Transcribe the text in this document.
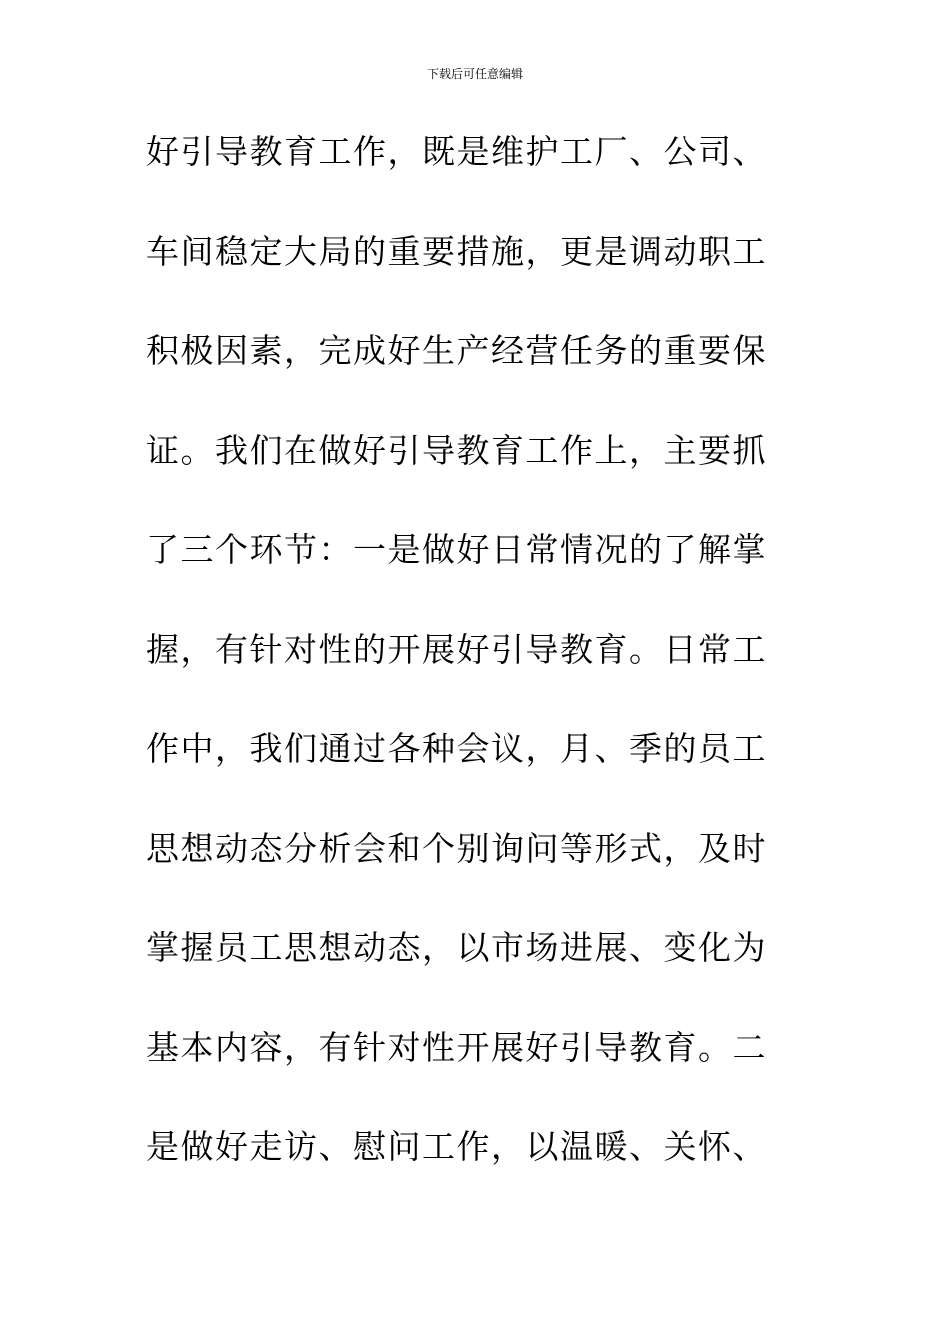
下载后可任意编辑
好引导教育工作，既是维护工厂、公司、
车间稳定大局的重要措施，更是调动职工
积极因素，完成好生产经营任务的重要保
证。我们在做好引导教育工作上，主要抓
了三个环节：一是做好日常情况的了解掌
握，有针对性的开展好引导教育。日常工
作中，我们通过各种会议，月、季的员工
思想动态分析会和个别询问等形式，及时
掌握员工思想动态，以市场进展、变化为
基本内容，有针对性开展好引导教育。二
是做好走访、慰问工作，以温暖、关怀、
